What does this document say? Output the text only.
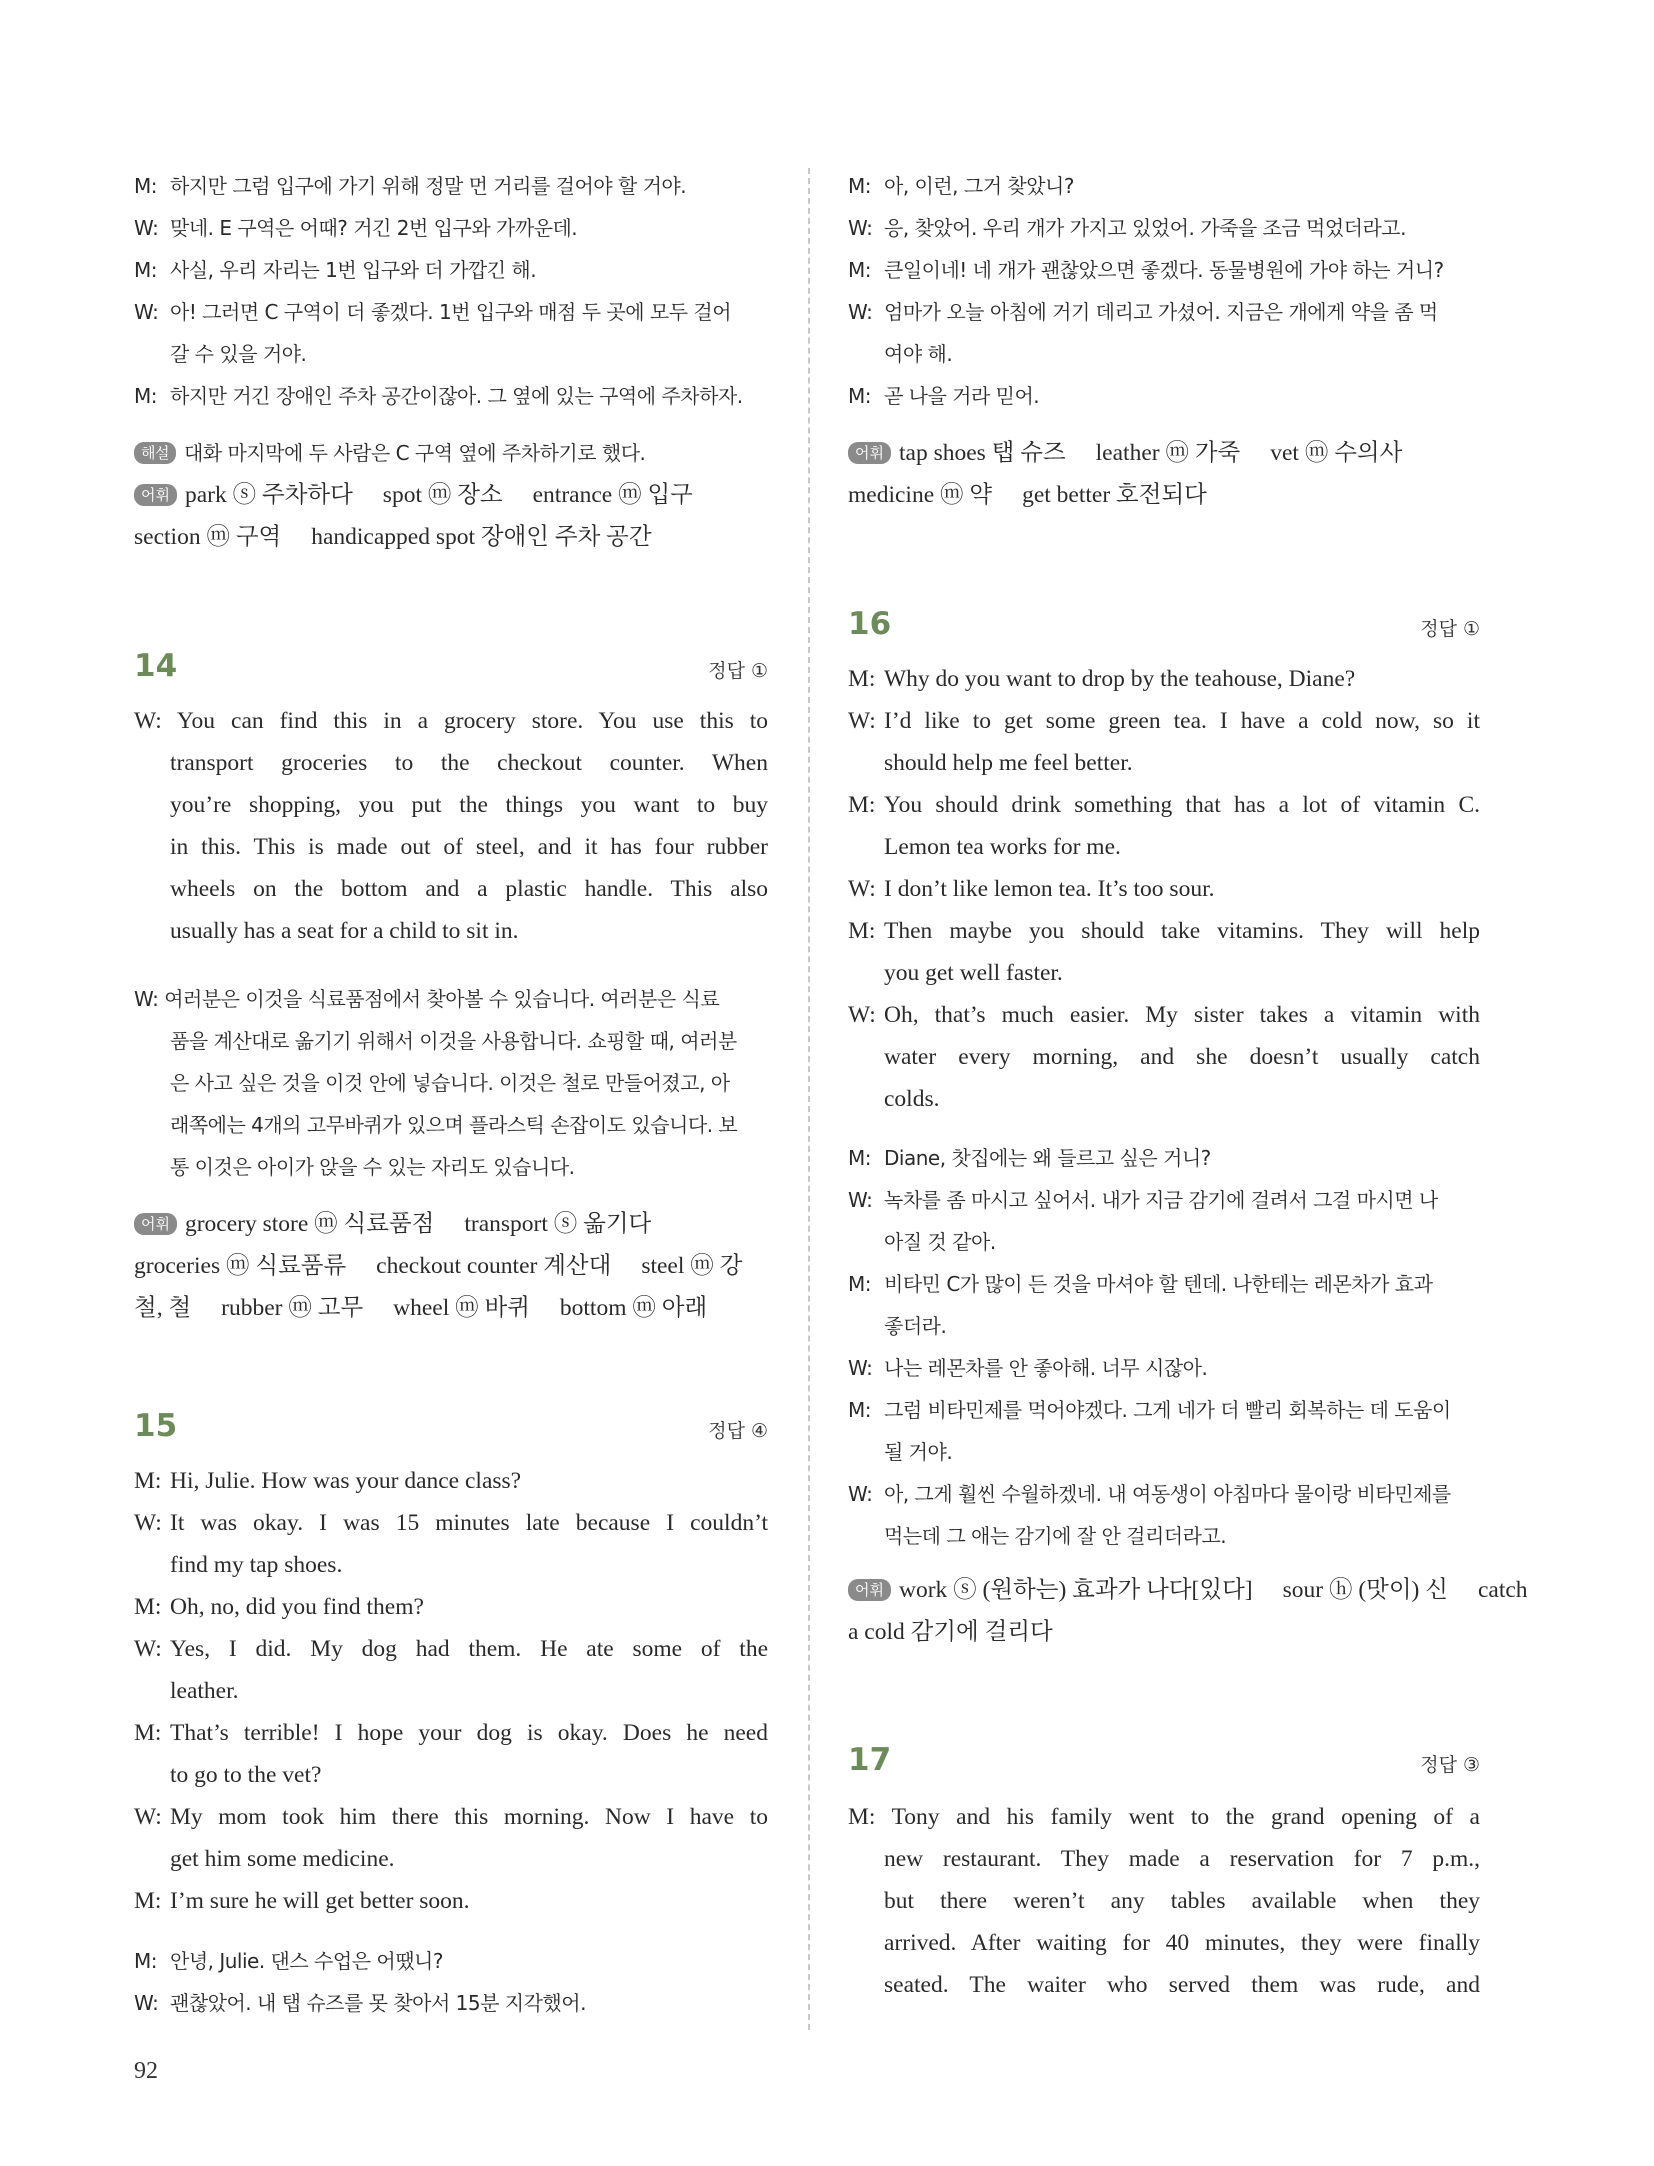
M: 하지만 그럼 입구에 가기 위해 정말 먼 거리를 걸어야 할 거야.
W: 맞네. E 구역은 어때? 거긴 2번 입구와 가까운데.
M: 사실, 우리 자리는 1번 입구와 더 가깝긴 해.
W: 아! 그러면 C 구역이 더 좋겠다. 1번 입구와 매점 두 곳에 모두 걸어
갈 수 있을 거야.
M: 하지만 거긴 장애인 주차 공간이잖아. 그 옆에 있는 구역에 주차하자.
해설 대화 마지막에 두 사람은 C 구역 옆에 주차하기로 했다.
어휘 park ⓢ 주차하다 spot ⓜ 장소 entrance ⓜ 입구
section ⓜ 구역 handicapped spot 장애인 주차 공간
14	정답 ①
W: You can find this in a grocery store. You use this to
transport groceries to the checkout counter. When
you’re shopping, you put the things you want to buy
in this. This is made out of steel, and it has four rubber
wheels on the bottom and a plastic handle. This also
usually has a seat for a child to sit in.
W: 여러분은 이것을 식료품점에서 찾아볼 수 있습니다. 여러분은 식료
품을 계산대로 옮기기 위해서 이것을 사용합니다. 쇼핑할 때, 여러분
은 사고 싶은 것을 이것 안에 넣습니다. 이것은 철로 만들어졌고, 아
래쪽에는 4개의 고무바퀴가 있으며 플라스틱 손잡이도 있습니다. 보
통 이것은 아이가 앉을 수 있는 자리도 있습니다.
어휘 grocery store ⓜ 식료품점 transport ⓢ 옮기다
groceries ⓜ 식료품류 checkout counter 계산대 steel ⓜ 강
철, 철 rubber ⓜ 고무 wheel ⓜ 바퀴 bottom ⓜ 아래
15	정답 ④
M: Hi, Julie. How was your dance class?
W: It was okay. I was 15 minutes late because I couldn’t
find my tap shoes.
M: Oh, no, did you find them?
W: Yes, I did. My dog had them. He ate some of the
leather.
M: That’s terrible! I hope your dog is okay. Does he need
to go to the vet?
W: My mom took him there this morning. Now I have to
get him some medicine.
M: I’m sure he will get better soon.
M: 안녕, Julie. 댄스 수업은 어땠니?
W: 괜찮았어. 내 탭 슈즈를 못 찾아서 15분 지각했어.
M: 아, 이런, 그거 찾았니?
W: 응, 찾았어. 우리 개가 가지고 있었어. 가죽을 조금 먹었더라고.
M: 큰일이네! 네 개가 괜찮았으면 좋겠다. 동물병원에 가야 하는 거니?
W: 엄마가 오늘 아침에 거기 데리고 가셨어. 지금은 개에게 약을 좀 먹
여야 해.
M: 곧 나을 거라 믿어.
어휘 tap shoes 탭 슈즈 leather ⓜ 가죽 vet ⓜ 수의사
medicine ⓜ 약 get better 호전되다
16	정답 ①
M: Why do you want to drop by the teahouse, Diane?
W: I’d like to get some green tea. I have a cold now, so it
should help me feel better.
M: You should drink something that has a lot of vitamin C.
Lemon tea works for me.
W: I don’t like lemon tea. It’s too sour.
M: Then maybe you should take vitamins. They will help
you get well faster.
W: Oh, that’s much easier. My sister takes a vitamin with
water every morning, and she doesn’t usually catch
colds.
M: Diane, 찻집에는 왜 들르고 싶은 거니?
W: 녹차를 좀 마시고 싶어서. 내가 지금 감기에 걸려서 그걸 마시면 나
아질 것 같아.
M: 비타민 C가 많이 든 것을 마셔야 할 텐데. 나한테는 레몬차가 효과
좋더라.
W: 나는 레몬차를 안 좋아해. 너무 시잖아.
M: 그럼 비타민제를 먹어야겠다. 그게 네가 더 빨리 회복하는 데 도움이
될 거야.
W: 아, 그게 훨씬 수월하겠네. 내 여동생이 아침마다 물이랑 비타민제를
먹는데 그 애는 감기에 잘 안 걸리더라고.
어휘 work ⓢ (원하는) 효과가 나다[있다] sour ⓗ (맛이) 신 catch
a cold 감기에 걸리다
17	정답 ③
M: Tony and his family went to the grand opening of a
new restaurant. They made a reservation for 7 p.m.,
but there weren’t any tables available when they
arrived. After waiting for 40 minutes, they were finally
seated. The waiter who served them was rude, and
92
